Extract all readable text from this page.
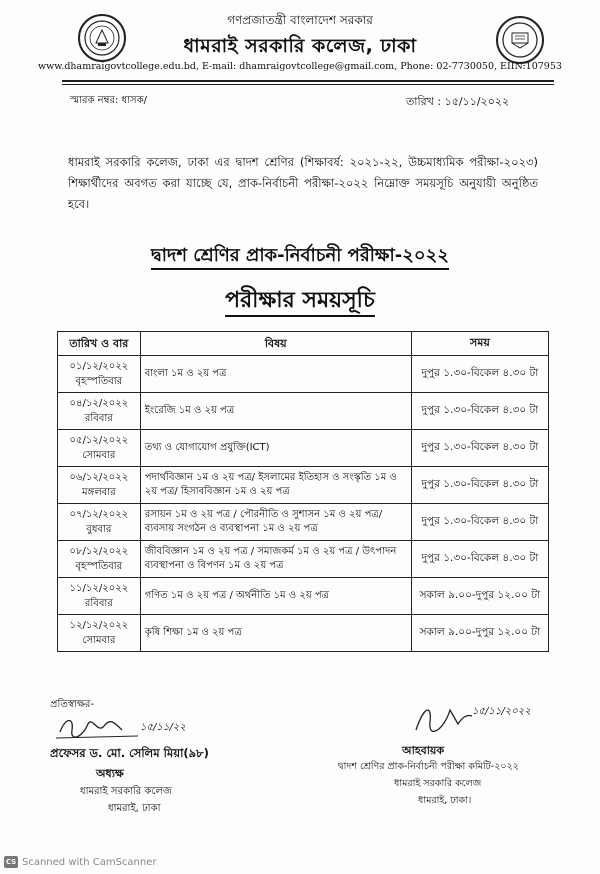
গণপ্রজাতন্ত্রী বাংলাদেশ সরকার
ধামরাই সরকারি কলেজ, ঢাকা
www.dhamraigovtcollege.edu.bd, E-mail: dhamraigovtcollege@gmail.com, Phone: 02-7730050, EIIN:107953
স্মারক নম্বর: ধাসক/	তারিখ : ১৫/১১/২০২২
ধামরাই সরকারি কলেজ, ঢাকা এর দ্বাদশ শ্রেণির (শিক্ষাবর্ষ: ২০২১-২২, উচ্চমাধ্যমিক পরীক্ষা-২০২৩) শিক্ষার্থীদের অবগত করা যাচ্ছে যে, প্রাক-নির্বাচনী পরীক্ষা-২০২২ নিম্নোক্ত সময়সূচি অনুযায়ী অনুষ্ঠিত হবে।
দ্বাদশ শ্রেণির প্রাক-নির্বাচনী পরীক্ষা-২০২২
পরীক্ষার সময়সূচি
তারিখ ও বার	বিষয়	সময়

০১/১২/২০২২
বৃহস্পতিবার	বাংলা ১ম ও ২য় পত্র	দুপুর ১.৩০-বিকেল ৪.৩০ টা

০৪/১২/২০২২
রবিবার	ইংরেজি ১ম ও ২য় পত্র	দুপুর ১.৩০-বিকেল ৪.৩০ টা

০৫/১২/২০২২
সোমবার	তথ্য ও যোগাযোগ প্রযুক্তি(ICT)	দুপুর ১.৩০-বিকেল ৪.৩০ টা

০৬/১২/২০২২
মঙ্গলবার	পদার্থবিজ্ঞান ১ম ও ২য় পত্র/ ইসলামের ইতিহাস ও সংস্কৃতি ১ম ও ২য় পত্র/ হিসাববিজ্ঞান ১ম ও ২য় পত্র	দুপুর ১.৩০-বিকেল ৪.৩০ টা

০৭/১২/২০২২
বুধবার	রসায়ন ১ম ও ২য় পত্র / পৌরনীতি ও সুশাসন ১ম ও ২য় পত্র/ ব্যবসায় সংগঠন ও ব্যবস্থাপনা ১ম ও ২য় পত্র	দুপুর ১.৩০-বিকেল ৪.৩০ টা

০৮/১২/২০২২
বৃহস্পতিবার	জীববিজ্ঞান ১ম ও ২য় পত্র / সমাজকর্ম ১ম ও ২য় পত্র / উৎপাদন ব্যবস্থাপনা ও বিপণন ১ম ও ২য় পত্র	দুপুর ১.৩০-বিকেল ৪.৩০ টা

১১/১২/২০২২
রবিবার	গণিত ১ম ও ২য় পত্র / অর্থনীতি ১ম ও ২য় পত্র	সকাল ৯.০০-দুপুর ১২.০০ টা

১২/১২/২০২২
সোমবার	কৃষি শিক্ষা ১ম ও ২য় পত্র	সকাল ৯.০০-দুপুর ১২.০০ টা
প্রতিস্বাক্ষর-
১৫/১১/২২
প্রফেসর ড. মো. সেলিম মিয়া(৯৮)
অধ্যক্ষ
ধামরাই সরকারি কলেজ
ধামরাই, ঢাকা
১৫/১১/২০২২
আহবায়ক
দ্বাদশ শ্রেণির প্রাক-নির্বাচনী পরীক্ষা কমিটি-২০২২
ধামরাই সরকারি কলেজ
ধামরাই, ঢাকা।
CS Scanned with CamScanner
